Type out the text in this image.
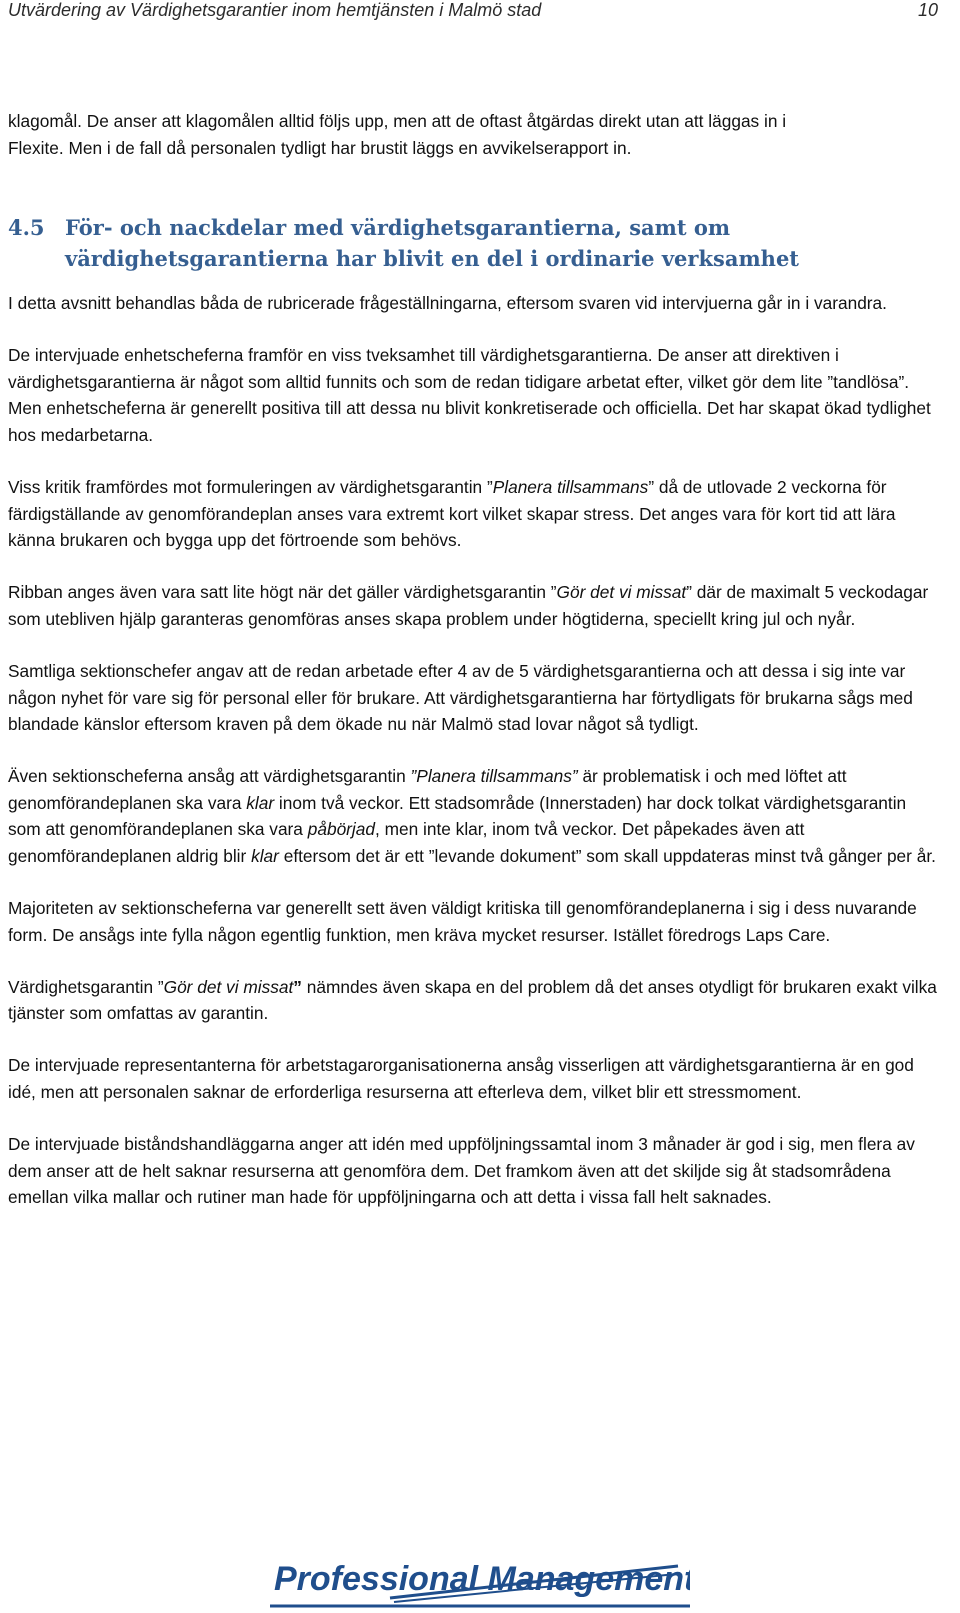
Utvärdering av Värdighetsgarantier inom hemtjänsten i Malmö stad	10

klagomål. De anser att klagomålen alltid följs upp, men att de oftast åtgärdas direkt utan att läggas in i

Flexite. Men i de fall då personalen tydligt har brustit läggs en avvikelserapport in.

4.5 För- och nackdelar med värdighetsgarantierna, samt om värdighetsgarantierna har blivit en del i ordinarie verksamhet

I detta avsnitt behandlas båda de rubricerade frågeställningarna, eftersom svaren vid intervjuerna går in i varandra.

De intervjuade enhetscheferna framför en viss tveksamhet till värdighetsgarantierna. De anser att direktiven i värdighetsgarantierna är något som alltid funnits och som de redan tidigare arbetat efter, vilket gör dem lite ”tandlösa”. Men enhetscheferna är generellt positiva till att dessa nu blivit konkretiserade och officiella. Det har skapat ökad tydlighet hos medarbetarna.

Viss kritik framfördes mot formuleringen av värdighetsgarantin ”Planera tillsammans” då de utlovade 2 veckorna för färdigställande av genomförandeplan anses vara extremt kort vilket skapar stress. Det anges vara för kort tid att lära känna brukaren och bygga upp det förtroende som behövs.

Ribban anges även vara satt lite högt när det gäller värdighetsgarantin ”Gör det vi missat” där de maximalt 5 veckodagar som utebliven hjälp garanteras genomföras anses skapa problem under högtiderna, speciellt kring jul och nyår.

Samtliga sektionschefer angav att de redan arbetade efter 4 av de 5 värdighetsgarantierna och att dessa i sig inte var någon nyhet för vare sig för personal eller för brukare. Att värdighetsgarantierna har förtydligats för brukarna sågs med blandade känslor eftersom kraven på dem ökade nu när Malmö stad lovar något så tydligt.

Även sektionscheferna ansåg att värdighetsgarantin ”Planera tillsammans” är problematisk i och med löftet att genomförandeplanen ska vara klar inom två veckor. Ett stadsområde (Innerstaden) har dock tolkat värdighetsgarantin som att genomförandeplanen ska vara påbörjad, men inte klar, inom två veckor. Det påpekades även att genomförandeplanen aldrig blir klar eftersom det är ett ”levande dokument” som skall uppdateras minst två gånger per år.

Majoriteten av sektionscheferna var generellt sett även väldigt kritiska till genomförandeplanerna i sig i dess nuvarande form. De ansågs inte fylla någon egentlig funktion, men kräva mycket resurser. Istället föredrogs Laps Care.

Värdighetsgarantin ”Gör det vi missat” nämndes även skapa en del problem då det anses otydligt för brukaren exakt vilka tjänster som omfattas av garantin.

De intervjuade representanterna för arbetstagarorganisationerna ansåg visserligen att värdighetsgarantierna är en god idé, men att personalen saknar de erforderliga resurserna att efterleva dem, vilket blir ett stressmoment.

De intervjuade biståndshandläggarna anger att idén med uppföljningssamtal inom 3 månader är god i sig, men flera av dem anser att de helt saknar resurserna att genomföra dem. Det framkom även att det skiljde sig åt stadsområdena emellan vilka mallar och rutiner man hade för uppföljningarna och att detta i vissa fall helt saknades.

Professional Management
